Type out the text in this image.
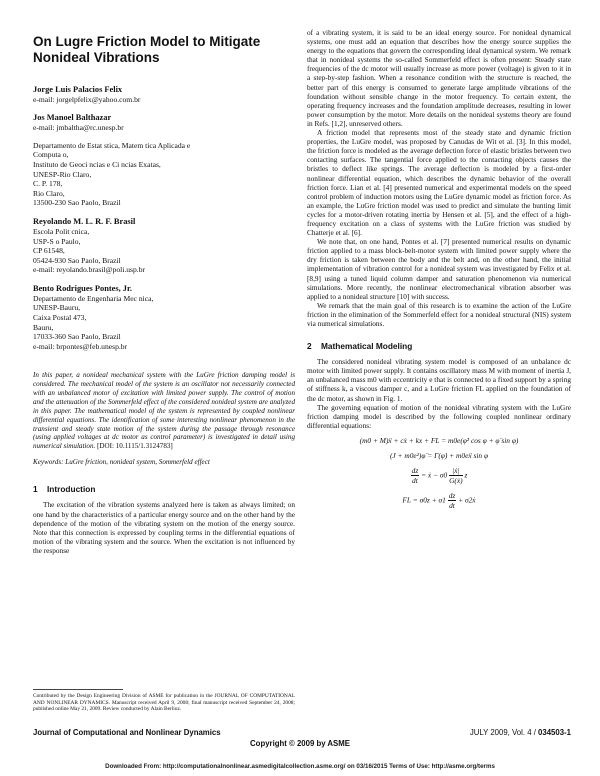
On Lugre Friction Model to Mitigate Nonideal Vibrations
Jorge Luis Palacios Felix
e-mail: jorgelpfelix@yahoo.com.br
Jos Manoel Balthazar
e-mail: jmbaltha@rc.unesp.br
Departamento de Estat stica, Matem tica Aplicada e
Computa o,
Instituto de Geoci ncias e Ci ncias Exatas,
UNESP-Rio Claro,
C. P. 178,
Rio Claro,
13500-230 Sao Paolo, Brazil
Reyolando M. L. R. F. Brasil
Escola Polit cnica,
USP-S o Paulo,
CP 61548,
05424-930 Sao Paolo, Brazil
e-mail: reyolando.brasil@poli.usp.br
Bento Rodrigues Pontes, Jr.
Departamento de Engenharia Mec nica,
UNESP-Bauru,
Caixa Postal 473,
Bauru,
17033-360 Sao Paolo, Brazil
e-mail: brpontes@feb.unesp.br
In this paper, a nonideal mechanical system with the LuGre friction damping model is considered. The mechanical model of the system is an oscillator not necessarily connected with an unbalanced motor of excitation with limited power supply. The control of motion and the attenuation of the Sommerfeld effect of the considered nonideal system are analyzed in this paper. The mathematical model of the system is represented by coupled nonlinear differential equations. The identification of some interesting nonlinear phenomenon in the transient and steady state motion of the system during the passage through resonance (using applied voltages at dc motor as control parameter) is investigated in detail using numerical simulation. [DOI: 10.1115/1.3124783]
Keywords: LuGre friction, nonideal system, Sommerfeld effect
1 Introduction

The excitation of the vibration systems analyzed here is taken as always limited; on one hand by the characteristics of a particular energy source and on the other hand by the dependence of the motion of the vibrating system on the motion of the energy source. Note that this connection is expressed by coupling terms in the differential equations of motion of the vibrating system and the source. When the excitation is not influenced by the response

Contributed by the Design Engineering Division of ASME for publication in the JOURNAL OF COMPUTATIONAL AND NONLINEAR DYNAMICS. Manuscript received April 9, 2008; final manuscript received September 24, 2008; published online May 21, 2009. Review conducted by Alain Berlioz.

of a vibrating system, it is said to be an ideal energy source. For nonideal dynamical systems, one must add an equation that describes how the energy source supplies the energy to the equations that govern the corresponding ideal dynamical system. We remark that in nonideal systems the so-called Sommerfeld effect is often present: Steady state frequencies of the dc motor will usually increase as more power (voltage) is given to it in a step-by-step fashion. When a resonance condition with the structure is reached, the better part of this energy is consumed to generate large amplitude vibrations of the foundation without sensible change in the motor frequency. To certain extent, the operating frequency increases and the foundation amplitude decreases, resulting in lower power consumption by the motor. More details on the nonideal systems theory are found in Refs. [1,2], unreserved others.

A friction model that represents most of the steady state and dynamic friction properties, the LuGre model, was proposed by Canudas de Wit et al. [3]. In this model, the friction force is modeled as the average deflection force of elastic bristles between two contacting surfaces. The tangential force applied to the contacting objects causes the bristles to deflect like springs. The average deflection is modeled by a first-order nonlinear differential equation, which describes the dynamic behavior of the overall friction force. Lian et al. [4] presented numerical and experimental models on the speed control problem of induction motors using the LuGre dynamic model as friction force. As an example, the LuGre friction model was used to predict and simulate the hunting limit cycles for a motor-driven rotating inertia by Hensen et al. [5], and the effect of a high-frequency excitation on a class of systems with the LuGre friction was studied by Chatterje et al. [6].

We note that, on one hand, Pontes et al. [7] presented numerical results on dynamic friction applied to a mass block-belt-motor system with limited power supply where the dry friction is taken between the body and the belt and, on the other hand, the initial implementation of vibration control for a nonideal system was investigated by Felix et al. [8,9] using a tuned liquid column damper and saturation phenomenon via numerical simulations. More recently, the nonlinear electromechanical vibration absorber was applied to a nonideal structure [10] with success.

We remark that the main goal of this research is to examine the action of the LuGre friction in the elimination of the Sommerfeld effect for a nonideal structural (NIS) system via numerical simulations.

2 Mathematical Modeling

The considered nonideal vibrating system model is composed of an unbalance dc motor with limited power supply. It contains oscillatory mass M with moment of inertia J, an unbalanced mass m0 with eccentricity e that is connected to a fixed support by a spring of stiffness k, a viscous damper c, and a LuGre friction FL applied on the foundation of the dc motor, as shown in Fig. 1.

The governing equation of motion of the nonideal vibrating system with the LuGre friction damping model is described by the following coupled nonlinear ordinary differential equations:

(m0 + M)ẍ + cẋ + kx + FL = m0e(φ̇² cos φ + φ̈ sin φ)
(J + m0e²)φ̈ = Γ(φ̇) + m0eẍ sin φ
$\frac{dz}{dt}$ = ẋ − $\sigma 0 \frac{\text{|ẋ|}}{\text{G(ẋ)}}$ z
FL = $\sigma 0z + \sigma 1 \frac{dz}{dt}$ + σ2ẋ
Journal of Computational and Nonlinear Dynamics	JULY 2009, Vol. 4 / 034503-1
Copyright © 2009 by ASME
Downloaded From: http://computationalnonlinear.asmedigitalcollection.asme.org/ on 03/16/2015 Terms of Use: http://asme.org/terms
